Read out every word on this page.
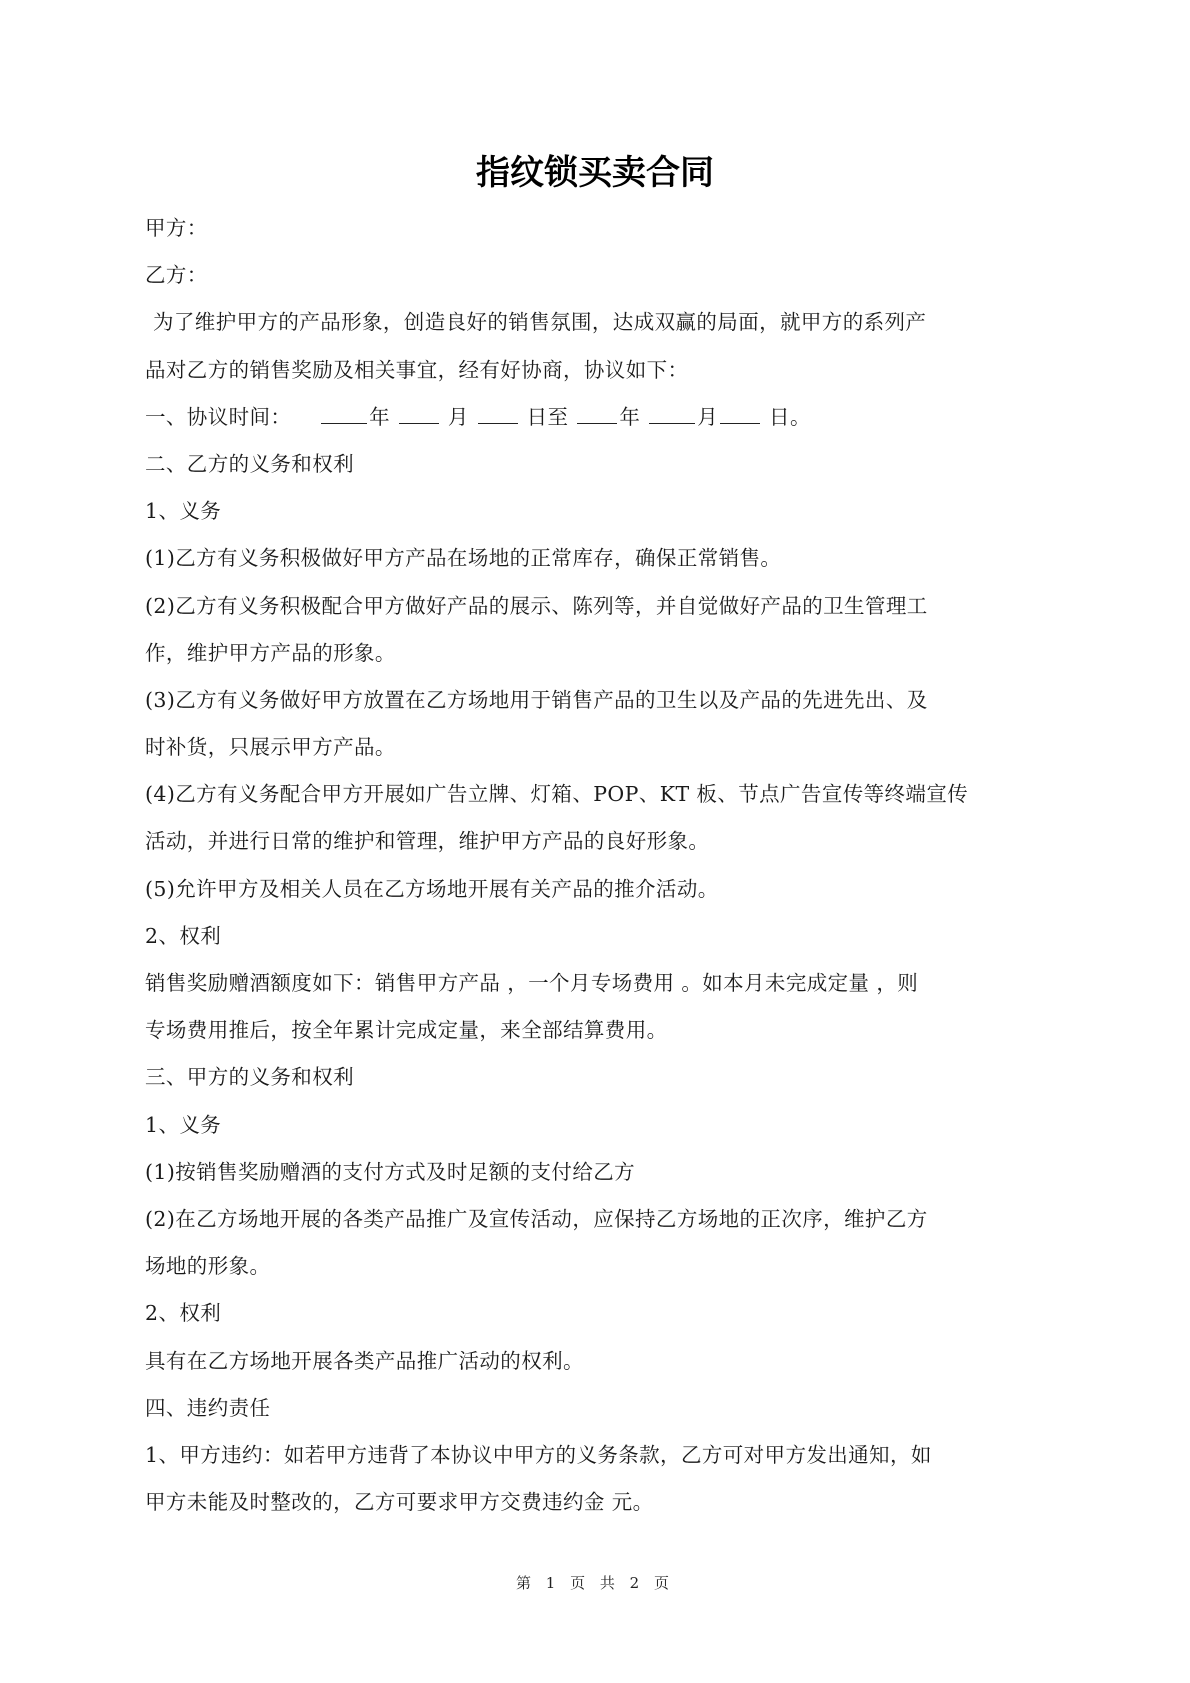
指纹锁买卖合同
甲方：
乙方：
为了维护甲方的产品形象，创造良好的销售氛围，达成双赢的局面，就甲方的系列产
品对乙方的销售奖励及相关事宜，经有好协商，协议如下：
一、协议时间：	年	月	日至 年	月 日。
二、乙方的义务和权利
1、义务
(1)乙方有义务积极做好甲方产品在场地的正常库存，确保正常销售。
(2)乙方有义务积极配合甲方做好产品的展示、陈列等，并自觉做好产品的卫生管理工
作，维护甲方产品的形象。
(3)乙方有义务做好甲方放置在乙方场地用于销售产品的卫生以及产品的先进先出、及
时补货，只展示甲方产品。
(4)乙方有义务配合甲方开展如广告立牌、灯箱、POP、KT 板、节点广告宣传等终端宣传
活动，并进行日常的维护和管理，维护甲方产品的良好形象。
(5)允许甲方及相关人员在乙方场地开展有关产品的推介活动。
2、权利
销售奖励赠酒额度如下：销售甲方产品 ，一个月专场费用 。如本月未完成定量 ，则
专场费用推后，按全年累计完成定量，来全部结算费用。
三、甲方的义务和权利
1、义务
(1)按销售奖励赠酒的支付方式及时足额的支付给乙方
(2)在乙方场地开展的各类产品推广及宣传活动，应保持乙方场地的正次序，维护乙方
场地的形象。
2、权利
具有在乙方场地开展各类产品推广活动的权利。
四、违约责任
1、甲方违约：如若甲方违背了本协议中甲方的义务条款，乙方可对甲方发出通知，如
甲方未能及时整改的，乙方可要求甲方交费违约金 元。
第 1 页 共 2 页
